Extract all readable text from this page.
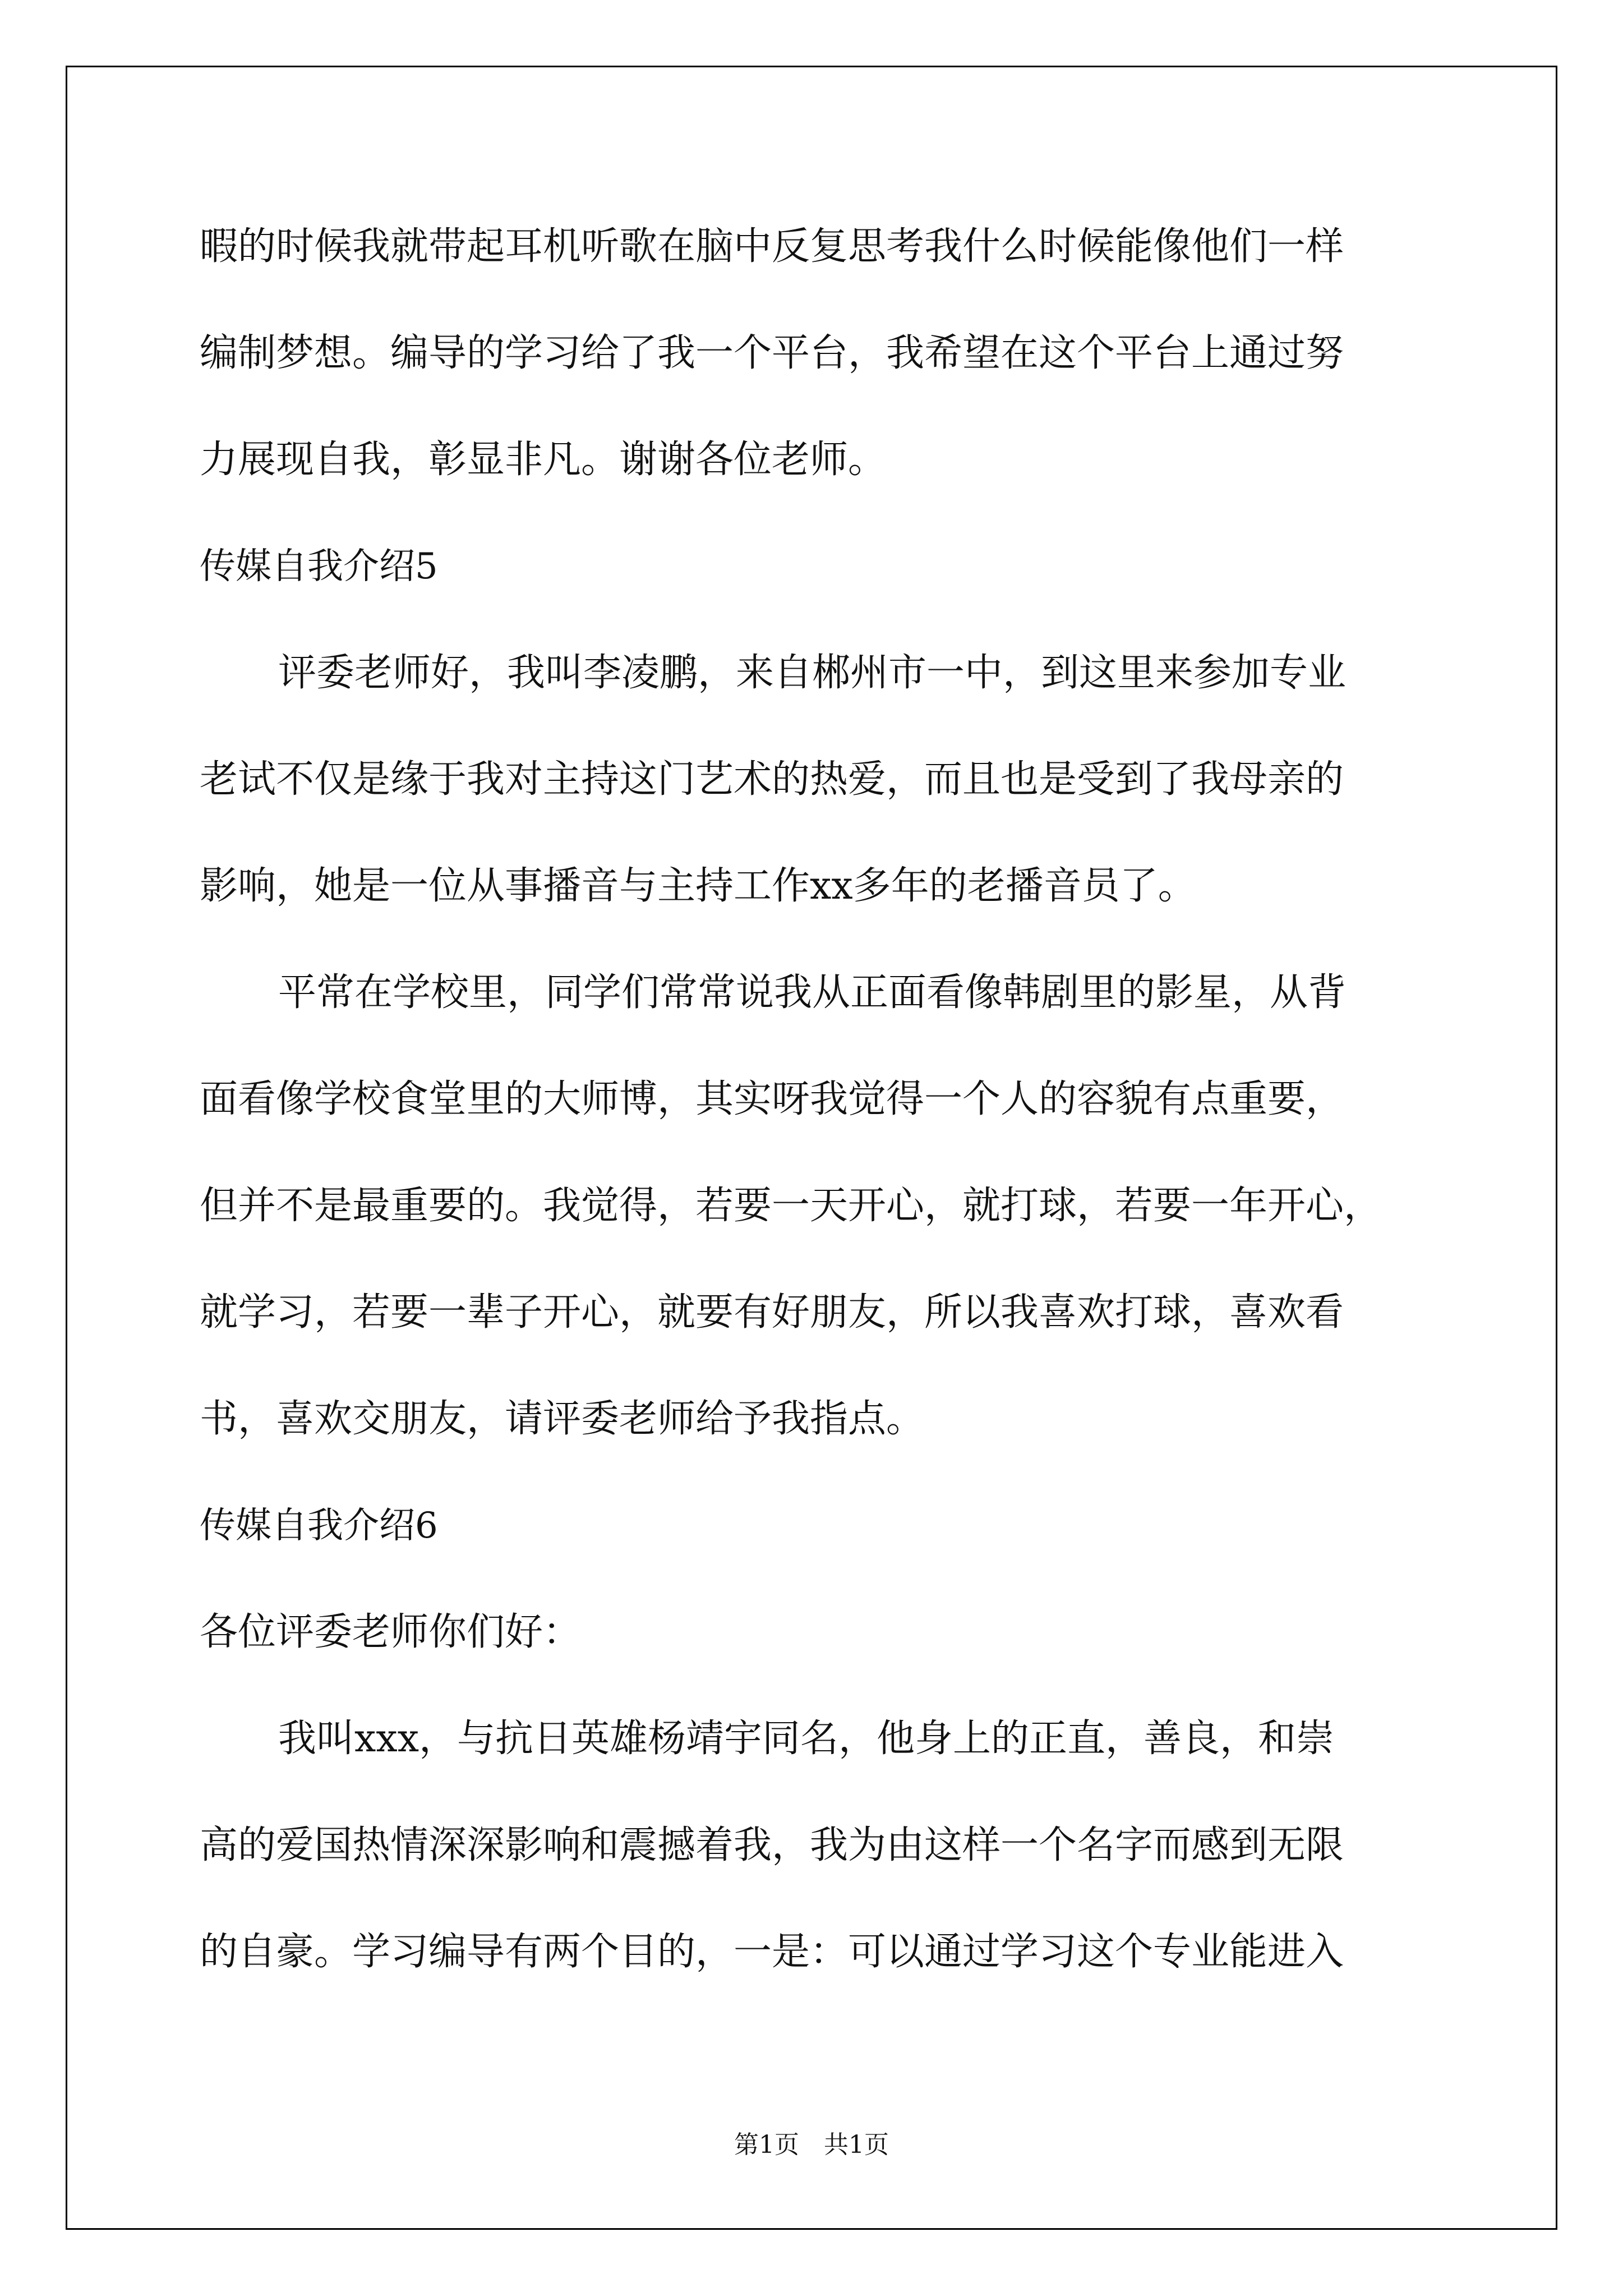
暇的时候我就带起耳机听歌在脑中反复思考我什么时候能像他们一样
编制梦想。编导的学习给了我一个平台，我希望在这个平台上通过努
力展现自我，彰显非凡。谢谢各位老师。
传媒自我介绍5
评委老师好，我叫李凌鹏，来自郴州市一中，到这里来参加专业
老试不仅是缘于我对主持这门艺术的热爱，而且也是受到了我母亲的
影响，她是一位从事播音与主持工作xx多年的老播音员了。
平常在学校里，同学们常常说我从正面看像韩剧里的影星，从背
面看像学校食堂里的大师博，其实呀我觉得一个人的容貌有点重要，
但并不是最重要的。我觉得，若要一天开心，就打球，若要一年开心，
就学习，若要一辈子开心，就要有好朋友，所以我喜欢打球，喜欢看
书，喜欢交朋友，请评委老师给予我指点。
传媒自我介绍6
各位评委老师你们好：
我叫xxx，与抗日英雄杨靖宇同名，他身上的正直，善良，和崇
高的爱国热情深深影响和震撼着我，我为由这样一个名字而感到无限
的自豪。学习编导有两个目的，一是：可以通过学习这个专业能进入
第1页 共1页
